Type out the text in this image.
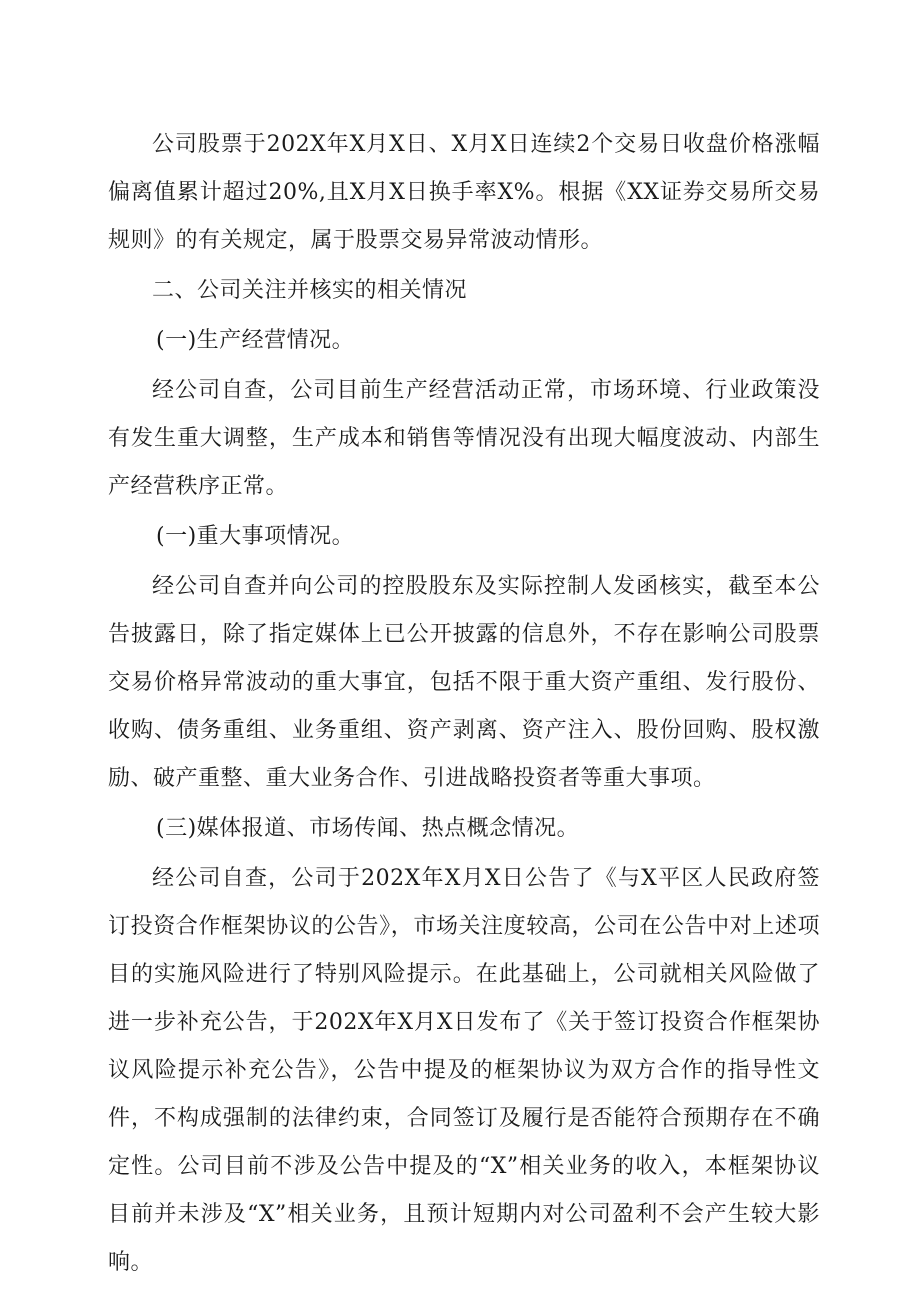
公司股票于202X年X月X日、X月X日连续2个交易日收盘价格涨幅偏离值累计超过20%,且X月X日换手率X%。根据《XX证券交易所交易规则》的有关规定，属于股票交易异常波动情形。

二、公司关注并核实的相关情况

(一)生产经营情况。

经公司自查，公司目前生产经营活动正常，市场环境、行业政策没有发生重大调整，生产成本和销售等情况没有出现大幅度波动、内部生产经营秩序正常。

(一)重大事项情况。

经公司自查并向公司的控股股东及实际控制人发函核实，截至本公告披露日，除了指定媒体上已公开披露的信息外，不存在影响公司股票交易价格异常波动的重大事宜，包括不限于重大资产重组、发行股份、收购、债务重组、业务重组、资产剥离、资产注入、股份回购、股权激励、破产重整、重大业务合作、引进战略投资者等重大事项。

(三)媒体报道、市场传闻、热点概念情况。

经公司自查，公司于202X年X月X日公告了《与X平区人民政府签订投资合作框架协议的公告》，市场关注度较高，公司在公告中对上述项目的实施风险进行了特别风险提示。在此基础上，公司就相关风险做了进一步补充公告，于202X年X月X日发布了《关于签订投资合作框架协议风险提示补充公告》，公告中提及的框架协议为双方合作的指导性文件，不构成强制的法律约束，合同签订及履行是否能符合预期存在不确定性。公司目前不涉及公告中提及的“X”相关业务的收入，本框架协议目前并未涉及“X”相关业务，且预计短期内对公司盈利不会产生较大影响。
